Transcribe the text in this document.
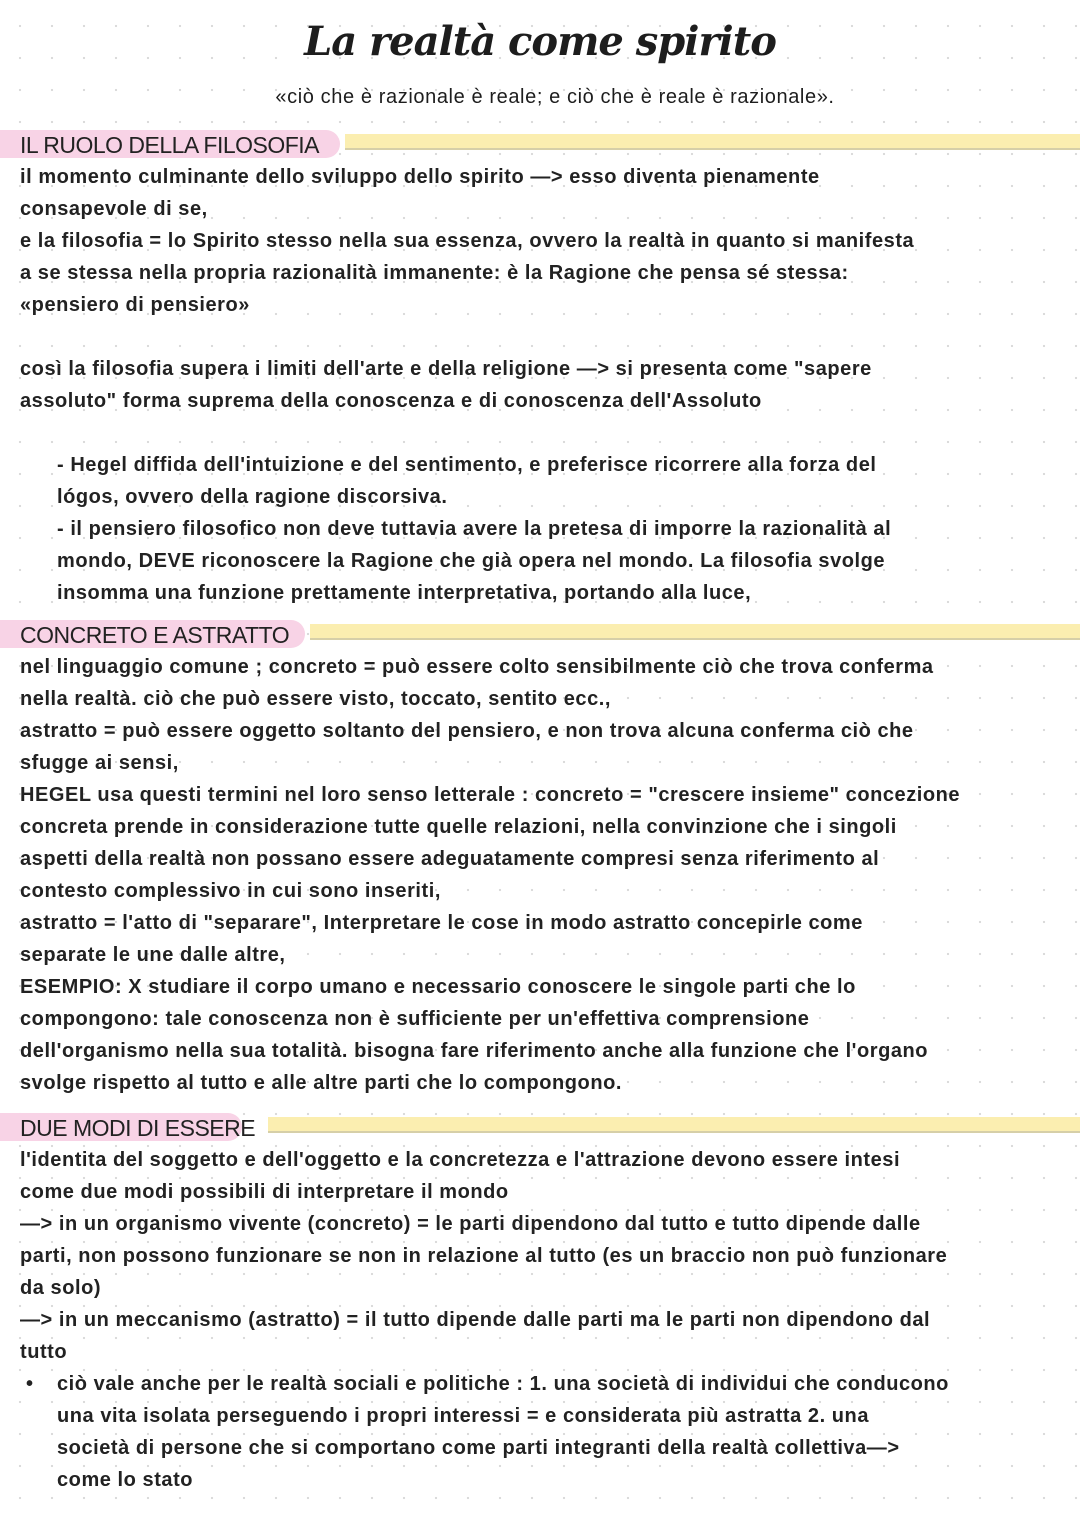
La realtà come spirito
«ciò che è razionale è reale; e ciò che è reale è razionale».
IL RUOLO DELLA FILOSOFIA
il momento culminante dello sviluppo dello spirito —> esso diventa pienamente
consapevole di se,
e la filosofia = lo Spirito stesso nella sua essenza, ovvero la realtà in quanto si manifesta
a se stessa nella propria razionalità immanente: è la Ragione che pensa sé stessa:
«pensiero di pensiero»
così la filosofia supera i limiti dell'arte e della religione —> si presenta come "sapere
assoluto" forma suprema della conoscenza e di conoscenza dell'Assoluto
- Hegel diffida dell'intuizione e del sentimento, e preferisce ricorrere alla forza del
lógos, ovvero della ragione discorsiva.
- il pensiero filosofico non deve tuttavia avere la pretesa di imporre la razionalità al
mondo, DEVE riconoscere la Ragione che già opera nel mondo. La filosofia svolge
insomma una funzione prettamente interpretativa, portando alla luce,
CONCRETO E ASTRATTO
nel linguaggio comune ; concreto = può essere colto sensibilmente ciò che trova conferma
nella realtà. ciò che può essere visto, toccato, sentito ecc.,
astratto = può essere oggetto soltanto del pensiero, e non trova alcuna conferma ciò che
sfugge ai sensi,
HEGEL usa questi termini nel loro senso letterale : concreto = "crescere insieme" concezione
concreta prende in considerazione tutte quelle relazioni, nella convinzione che i singoli
aspetti della realtà non possano essere adeguatamente compresi senza riferimento al
contesto complessivo in cui sono inseriti,
astratto = l'atto di "separare", Interpretare le cose in modo astratto concepirle come
separate le une dalle altre,
ESEMPIO: X studiare il corpo umano e necessario conoscere le singole parti che lo
compongono: tale conoscenza non è sufficiente per un'effettiva comprensione
dell'organismo nella sua totalità. bisogna fare riferimento anche alla funzione che l'organo
svolge rispetto al tutto e alle altre parti che lo compongono.
DUE MODI DI ESSERE
l'identita del soggetto e dell'oggetto e la concretezza e l'attrazione devono essere intesi
come due modi possibili di interpretare il mondo
—> in un organismo vivente (concreto) = le parti dipendono dal tutto e tutto dipende dalle
parti, non possono funzionare se non in relazione al tutto (es un braccio non può funzionare
da solo)
—> in un meccanismo (astratto) = il tutto dipende dalle parti ma le parti non dipendono dal
tutto
• ciò vale anche per le realtà sociali e politiche : 1. una società di individui che conducono
una vita isolata perseguendo i propri interessi = e considerata più astratta 2. una
società di persone che si comportano come parti integranti della realtà collettiva—>
come lo stato
